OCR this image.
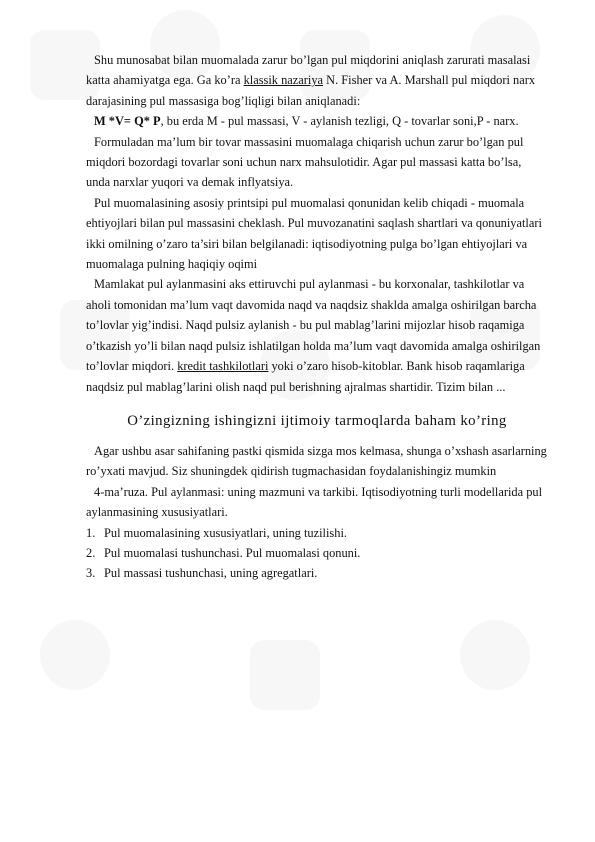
Shu munosabat bilan muomalada zarur bo’lgan pul miqdorini aniqlash zarurati masalasi katta ahamiyatga ega. Ga ko’ra klassik nazariya N. Fisher va A. Marshall pul miqdori narx darajasining pul massasiga bog’liqligi bilan aniqlanadi:

M *V= Q* P, bu erda M - pul massasi, V - aylanish tezligi, Q - tovarlar soni,P - narx.

Formuladan ma’lum bir tovar massasini muomalaga chiqarish uchun zarur bo’lgan pul miqdori bozordagi tovarlar soni uchun narx mahsulotidir. Agar pul massasi katta bo’lsa, unda narxlar yuqori va demak inflyatsiya.

Pul muomalasining asosiy printsipi pul muomalasi qonunidan kelib chiqadi - muomala ehtiyojlari bilan pul massasini cheklash. Pul muvozanatini saqlash shartlari va qonuniyatlari ikki omilning o’zaro ta’siri bilan belgilanadi: iqtisodiyotning pulga bo’lgan ehtiyojlari va muomalaga pulning haqiqiy oqimi

Mamlakat pul aylanmasini aks ettiruvchi pul aylanmasi - bu korxonalar, tashkilotlar va aholi tomonidan ma’lum vaqt davomida naqd va naqdsiz shaklda amalga oshirilgan barcha to’lovlar yig’indisi. Naqd pulsiz aylanish - bu pul mablag’larini mijozlar hisob raqamiga o’tkazish yo’li bilan naqd pulsiz ishlatilgan holda ma’lum vaqt davomida amalga oshirilgan to’lovlar miqdori. kredit tashkilotlari yoki o’zaro hisob-kitoblar. Bank hisob raqamlariga naqdsiz pul mablag’larini olish naqd pul berishning ajralmas shartidir. Tizim bilan ...

O’zingizning ishingizni ijtimoiy tarmoqlarda baham ko’ring

Agar ushbu asar sahifaning pastki qismida sizga mos kelmasa, shunga o’xshash asarlarning ro’yxati mavjud. Siz shuningdek qidirish tugmachasidan foydalanishingiz mumkin

4-ma’ruza. Pul aylanmasi: uning mazmuni va tarkibi. Iqtisodiyotning turli modellarida pul aylanmasining xususiyatlari.

1. Pul muomalasining xususiyatlari, uning tuzilishi.
2. Pul muomalasi tushunchasi. Pul muomalasi qonuni.
3. Pul massasi tushunchasi, uning agregatlari.
